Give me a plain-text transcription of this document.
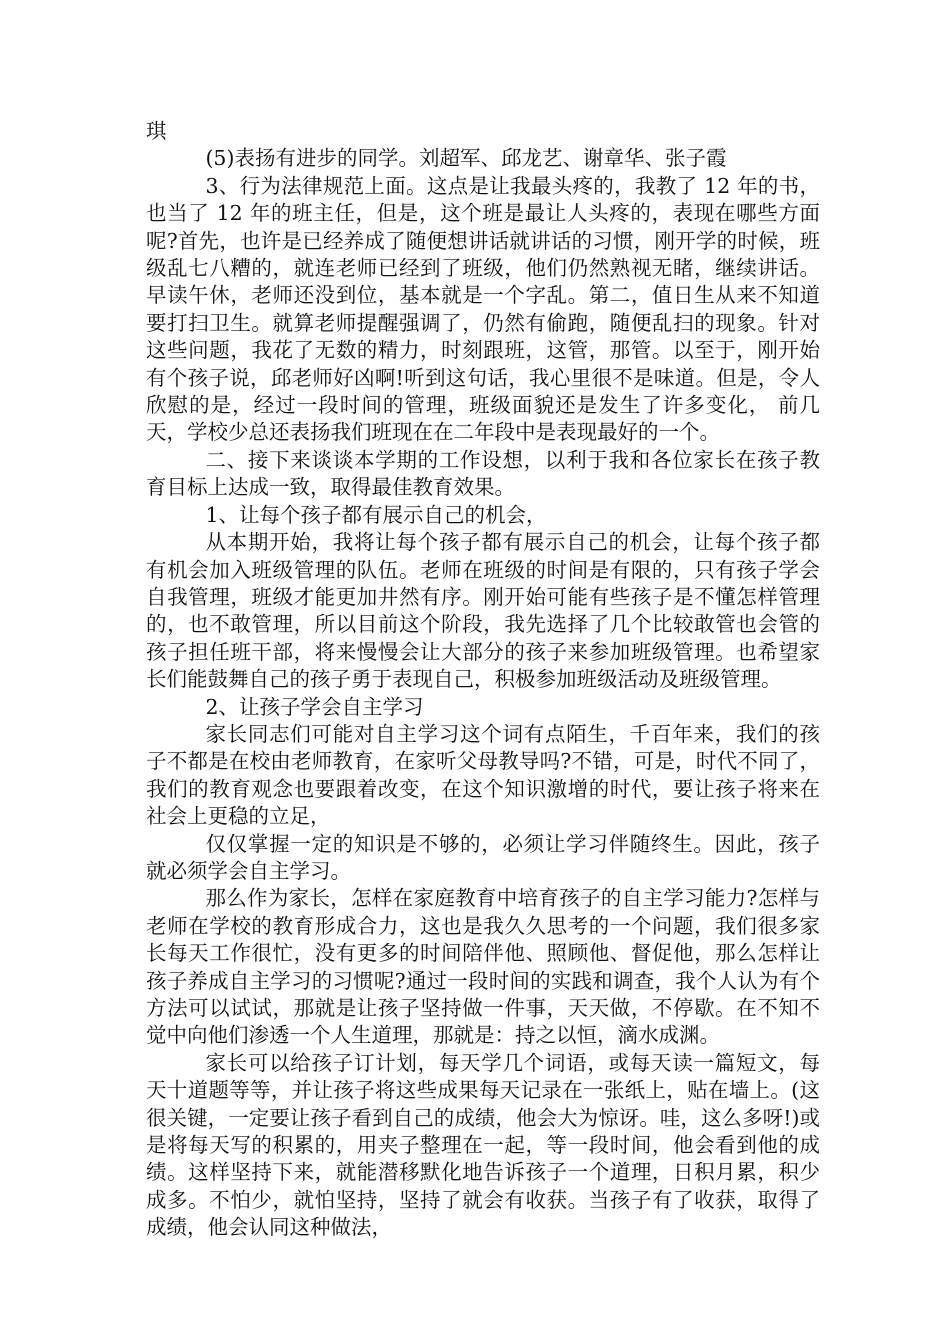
琪

(5)表扬有进步的同学。刘超军、邱龙艺、谢章华、张子霞

3、行为法律规范上面。这点是让我最头疼的，我教了 12 年的书，也当了 12 年的班主任，但是，这个班是最让人头疼的，表现在哪些方面呢?首先，也许是已经养成了随便想讲话就讲话的习惯，刚开学的时候，班级乱七八糟的，就连老师已经到了班级，他们仍然熟视无睹，继续讲话。早读午休，老师还没到位，基本就是一个字乱。第二，值日生从来不知道要打扫卫生。就算老师提醒强调了，仍然有偷跑，随便乱扫的现象。针对这些问题，我花了无数的精力，时刻跟班，这管，那管。以至于，刚开始有个孩子说，邱老师好凶啊!听到这句话，我心里很不是味道。但是，令人欣慰的是，经过一段时间的管理，班级面貌还是发生了许多变化， 前几天，学校少总还表扬我们班现在在二年段中是表现最好的一个。

二、接下来谈谈本学期的工作设想，以利于我和各位家长在孩子教育目标上达成一致，取得最佳教育效果。

1、让每个孩子都有展示自己的机会，

从本期开始，我将让每个孩子都有展示自己的机会，让每个孩子都有机会加入班级管理的队伍。老师在班级的时间是有限的，只有孩子学会自我管理，班级才能更加井然有序。刚开始可能有些孩子是不懂怎样管理的，也不敢管理，所以目前这个阶段，我先选择了几个比较敢管也会管的孩子担任班干部，将来慢慢会让大部分的孩子来参加班级管理。也希望家长们能鼓舞自己的孩子勇于表现自己，积极参加班级活动及班级管理。

2、让孩子学会自主学习

家长同志们可能对自主学习这个词有点陌生，千百年来，我们的孩子不都是在校由老师教育，在家听父母教导吗?不错，可是，时代不同了，我们的教育观念也要跟着改变，在这个知识激增的时代，要让孩子将来在社会上更稳的立足，

仅仅掌握一定的知识是不够的，必须让学习伴随终生。因此，孩子就必须学会自主学习。

那么作为家长，怎样在家庭教育中培育孩子的自主学习能力?怎样与老师在学校的教育形成合力，这也是我久久思考的一个问题，我们很多家长每天工作很忙，没有更多的时间陪伴他、照顾他、督促他，那么怎样让孩子养成自主学习的习惯呢?通过一段时间的实践和调查，我个人认为有个方法可以试试，那就是让孩子坚持做一件事，天天做，不停歇。在不知不觉中向他们渗透一个人生道理，那就是：持之以恒，滴水成渊。

家长可以给孩子订计划，每天学几个词语，或每天读一篇短文，每天十道题等等，并让孩子将这些成果每天记录在一张纸上，贴在墙上。(这很关键，一定要让孩子看到自己的成绩，他会大为惊讶。哇，这么多呀!)或是将每天写的积累的，用夹子整理在一起，等一段时间，他会看到他的成绩。这样坚持下来，就能潜移默化地告诉孩子一个道理，日积月累，积少成多。不怕少，就怕坚持，坚持了就会有收获。当孩子有了收获，取得了成绩，他会认同这种做法，
